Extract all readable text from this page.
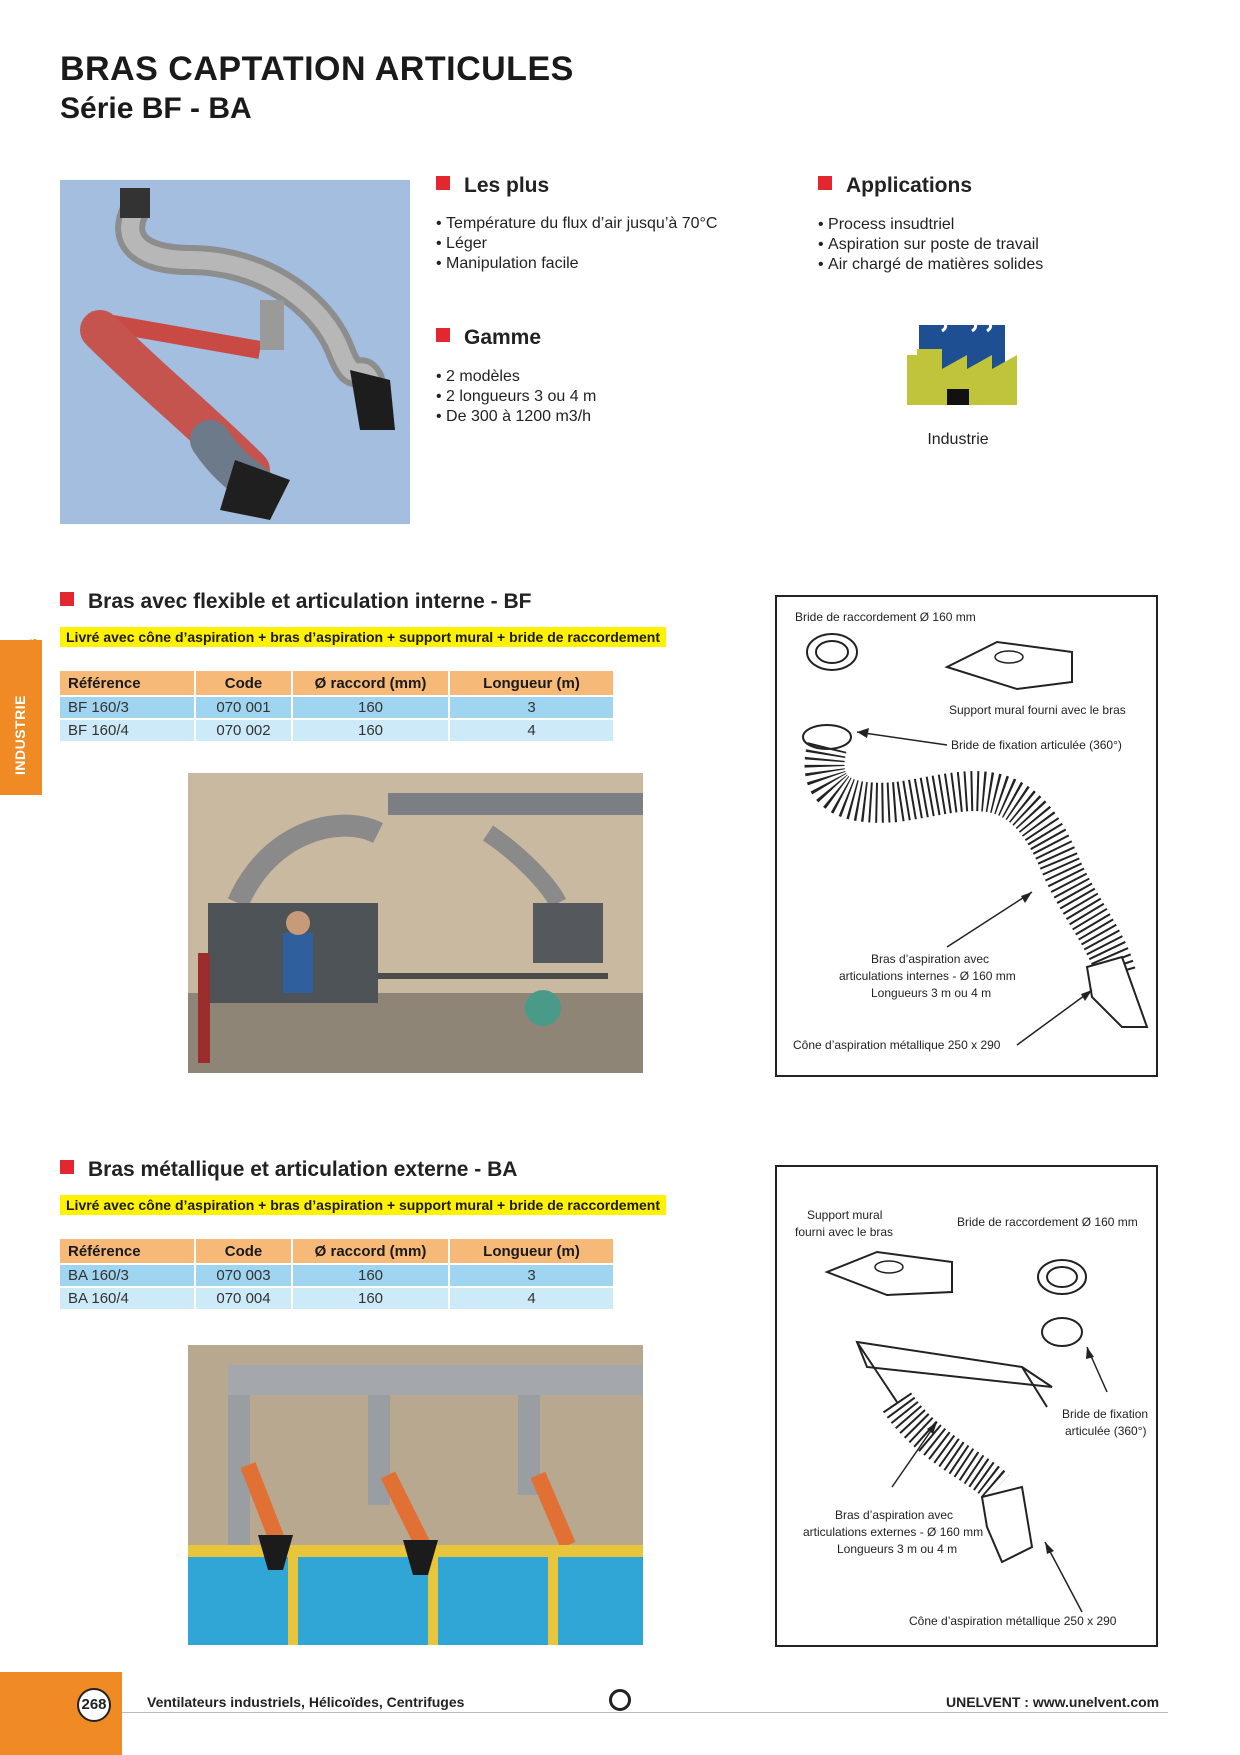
BRAS CAPTATION ARTICULES
Série BF - BA
Les plus
• Température du flux d’air jusqu’à 70°C
• Léger
• Manipulation facile
Gamme
• 2 modèles
• 2 longueurs 3 ou 4 m
• De 300 à 1200 m3/h
Applications
• Process insudtriel
• Aspiration sur poste de travail
• Air chargé de matières solides
Industrie
INDUSTRIE
Bras avec flexible et articulation interne - BF
Livré avec cône d’aspiration + bras d’aspiration + support mural + bride de raccordement
Référence	Code	Ø raccord (mm)	Longueur (m)
BF 160/3	070 001	160	3
BF 160/4	070 002	160	4
Bride de raccordement Ø 160 mm
Support mural fourni avec le bras
Bride de fixation articulée (360°)
Bras d’aspiration avec
articulations internes - Ø 160 mm
Longueurs 3 m ou 4 m
Cône d’aspiration métallique 250 x 290
Bras métallique et articulation externe - BA
Livré avec cône d’aspiration + bras d’aspiration + support mural + bride de raccordement
Référence	Code	Ø raccord (mm)	Longueur (m)
BA 160/3	070 003	160	3
BA 160/4	070 004	160	4
Support mural
fourni avec le bras
Bride de raccordement Ø 160 mm
Bride de fixation
articulée (360°)
Bras d’aspiration avec
articulations externes - Ø 160 mm
Longueurs 3 m ou 4 m
Cône d’aspiration métallique 250 x 290
268	Ventilateurs industriels, Hélicoïdes, Centrifuges	UNELVENT : www.unelvent.com
